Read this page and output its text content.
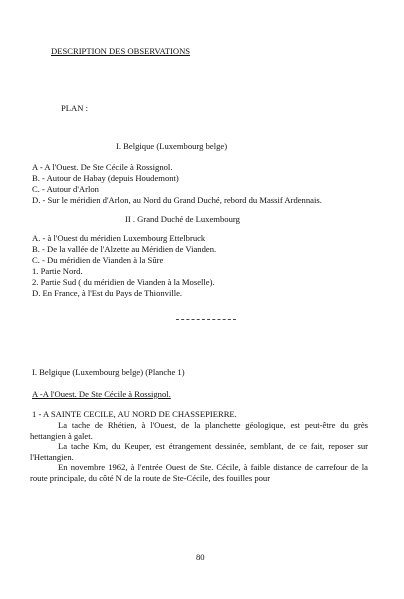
DESCRIPTION DES OBSERVATIONS
PLAN :
I. Belgique (Luxembourg belge)
A - A l'Ouest. De Ste Cécile à Rossignol.
B. - Autour de Habay (depuis Houdemont)
C. - Autour d'Arlon
D. - Sur le méridien d'Arlon, au Nord du Grand Duché, rebord du Massif Ardennais.
II . Grand Duché de Luxembourg
A. - à l'Ouest du méridien Luxembourg Ettelbruck
B. - De la vallée de l'Alzette au Méridien de Vianden.
C. - Du méridien de Vianden à la Sûre
1. Partie Nord.
2. Partie Sud ( du méridien de Vianden à la Moselle).
D. En France, à l'Est du Pays de Thionville.
I. Belgique (Luxembourg belge) (Planche 1)
A -A l'Ouest. De Ste Cécile à Rossignol.
1 - A SAINTE CECILE, AU NORD DE CHASSEPIERRE.

La tache de Rhétien, à l'Ouest, de la planchette géologique, est peut-être du grès hettangien à galet.

La tache Km, du Keuper, est étrangement dessinée, semblant, de ce fait, reposer sur l'Hettangien.

En novembre 1962, à l'entrée Ouest de Ste. Cécile, à faible distance de carrefour de la route principale, du côté N de la route de Ste-Cécile, des fouilles pour

80
